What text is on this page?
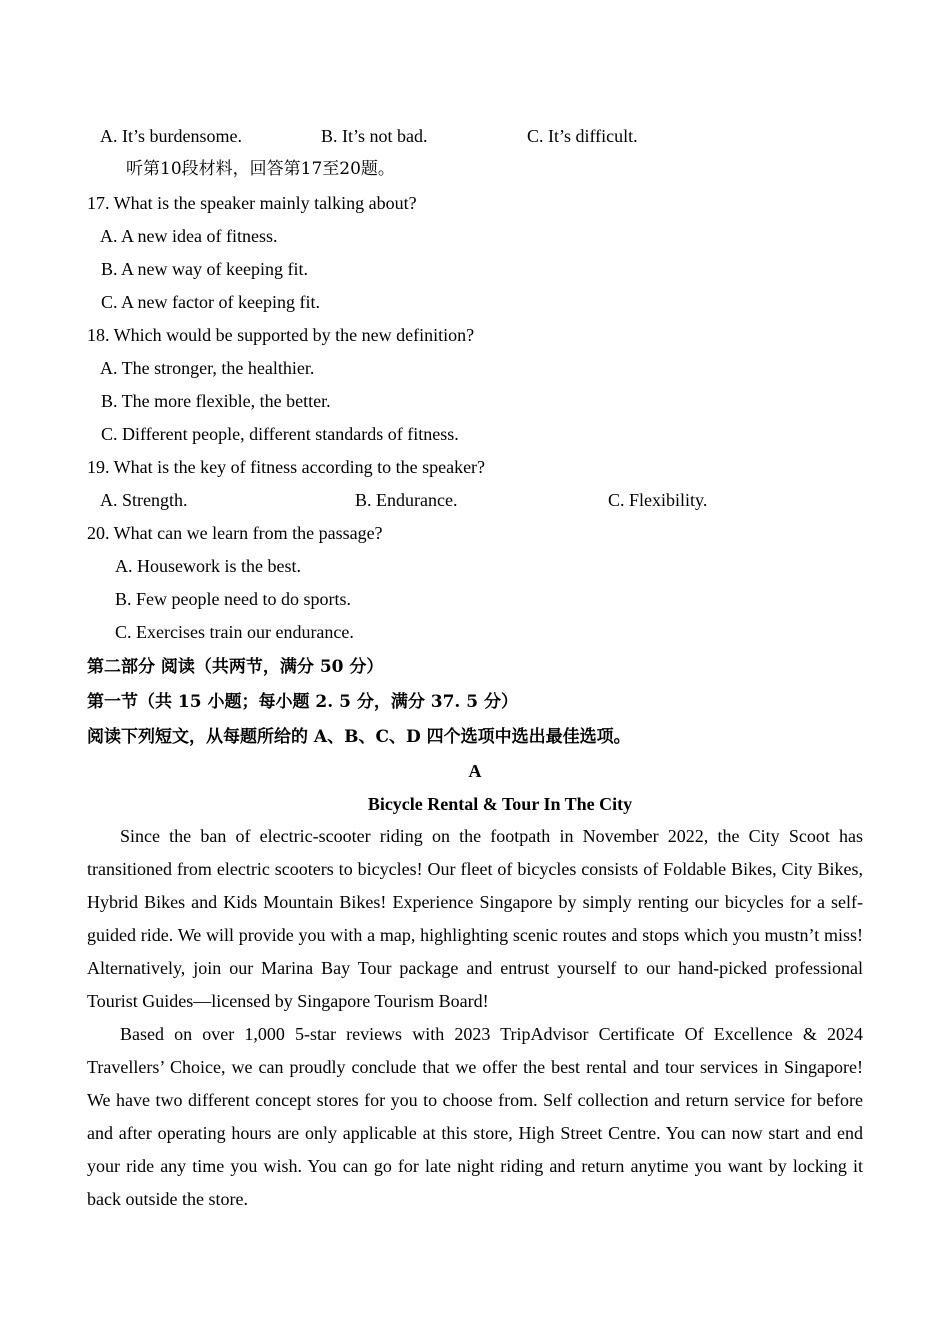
A. It’s burdensome.	B. It’s not bad.	C. It’s difficult.
听第10段材料，回答第17至20题。
17. What is the speaker mainly talking about?
A. A new idea of fitness.
B. A new way of keeping fit.
C. A new factor of keeping fit.
18. Which would be supported by the new definition?
A. The stronger, the healthier.
B. The more flexible, the better.
C. Different people, different standards of fitness.
19. What is the key of fitness according to the speaker?
A. Strength.	B. Endurance.	C. Flexibility.
20. What can we learn from the passage?
A. Housework is the best.
B. Few people need to do sports.
C. Exercises train our endurance.
第二部分 阅读（共两节，满分 50 分）
第一节（共 15 小题；每小题 2. 5 分，满分 37. 5 分）
阅读下列短文，从每题所给的 A、B、C、D 四个选项中选出最佳选项。
A
Bicycle Rental & Tour In The City

Since the ban of electric-scooter riding on the footpath in November 2022, the City Scoot has transitioned from electric scooters to bicycles! Our fleet of bicycles consists of Foldable Bikes, City Bikes, Hybrid Bikes and Kids Mountain Bikes! Experience Singapore by simply renting our bicycles for a self-guided ride. We will provide you with a map, highlighting scenic routes and stops which you mustn’t miss! Alternatively, join our Marina Bay Tour package and entrust yourself to our hand-picked professional Tourist Guides—licensed by Singapore Tourism Board!

Based on over 1,000 5-star reviews with 2023 TripAdvisor Certificate Of Excellence & 2024 Travellers’ Choice, we can proudly conclude that we offer the best rental and tour services in Singapore! We have two different concept stores for you to choose from. Self collection and return service for before and after operating hours are only applicable at this store, High Street Centre. You can now start and end your ride any time you wish. You can go for late night riding and return anytime you want by locking it back outside the store.
